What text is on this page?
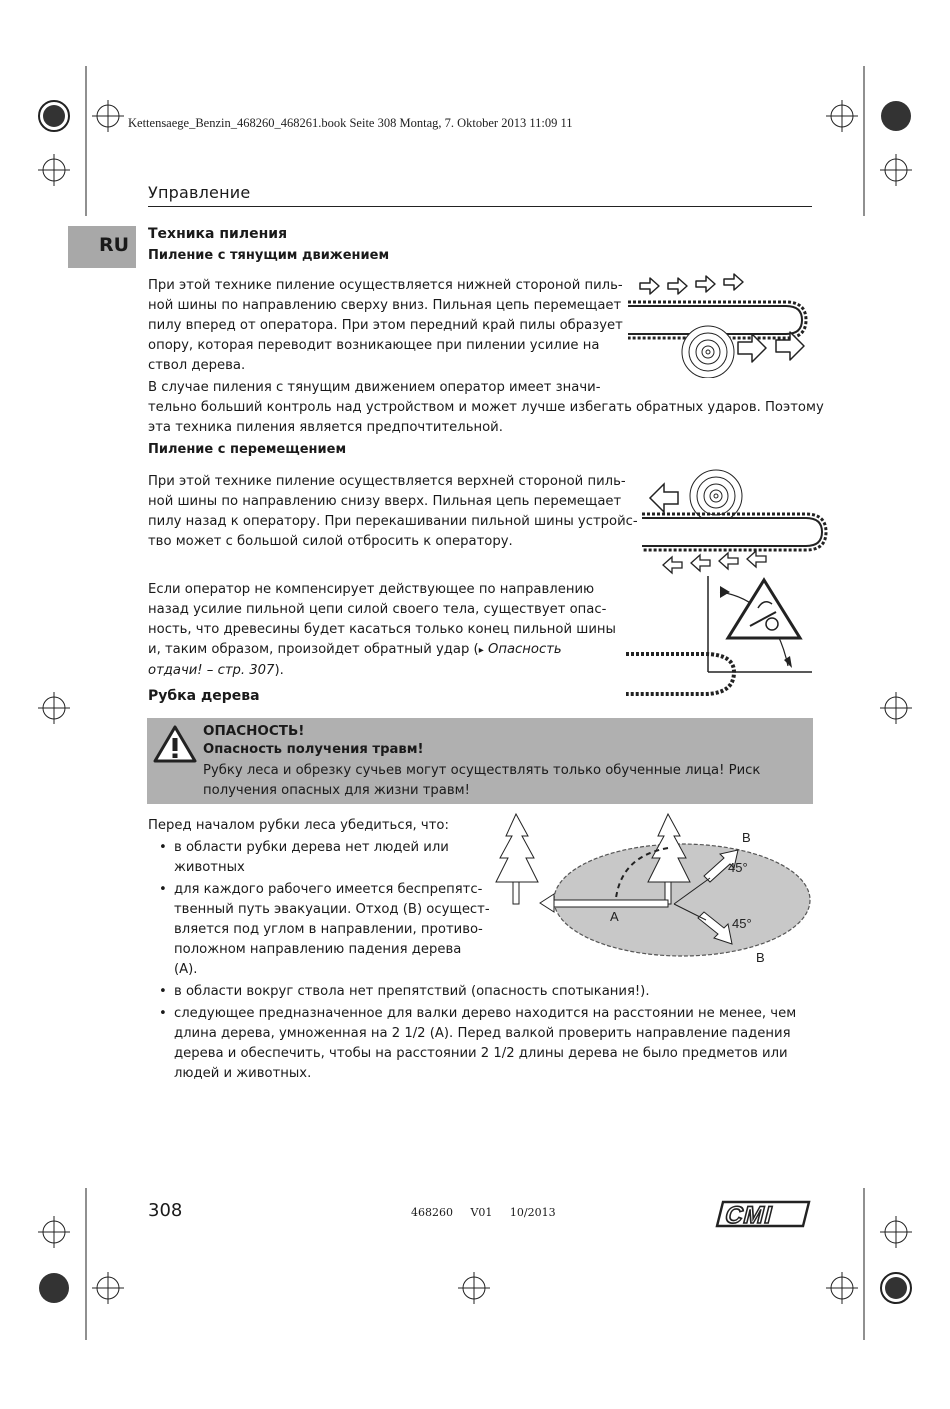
Kettensaege_Benzin_468260_468261.book Seite 308 Montag, 7. Oktober 2013 11:09 11
Управление
RU Техника пиления
Пиление с тянущим движением
При этой технике пиление осуществляется нижней стороной пиль-
ной шины по направлению сверху вниз. Пильная цепь перемещает
пилу вперед от оператора. При этом передний край пилы образует
опору, которая переводит возникающее при пилении усилие на
ствол дерева.
В случае пиления с тянущим движением оператор имеет значи-
тельно больший контроль над устройством и может лучше избегать обратных ударов. Поэтому
эта техника пиления является предпочтительной.
Пиление с перемещением
При этой технике пиление осуществляется верхней стороной пиль-
ной шины по направлению снизу вверх. Пильная цепь перемещает
пилу назад к оператору. При перекашивании пильной шины устройс-
тво может с большой силой отбросить к оператору.
Если оператор не компенсирует действующее по направлению
назад усилие пильной цепи силой своего тела, существует опас-
ность, что древесины будет касаться только конец пильной шины
и, таким образом, произойдет обратный удар (▸ Опасность
отдачи! – стр. 307).
Рубка дерева
ОПАСНОСТЬ!
Опасность получения травм!
Рубку леса и обрезку сучьев могут осуществлять только обученные лица! Риск получения опасных для жизни травм!
Перед началом рубки леса убедиться, что:
• в области рубки дерева нет людей или
животных
• для каждого рабочего имеется беспрепятс-
твенный путь эвакуации. Отход (B) осущест-
вляется под углом в направлении, противо-
положном направлению падения дерева
(A).
• в области вокруг ствола нет препятствий (опасность спотыкания!).
• следующее предназначенное для валки дерево находится на расстоянии не менее, чем
длина дерева, умноженная на 2 1/2 (A). Перед валкой проверить направление падения
дерева и обеспечить, чтобы на расстоянии 2 1/2 длины дерева не было предметов или
людей и животных.
A
B
B
45°
45°
308	468260     V01     10/2013	CMI
